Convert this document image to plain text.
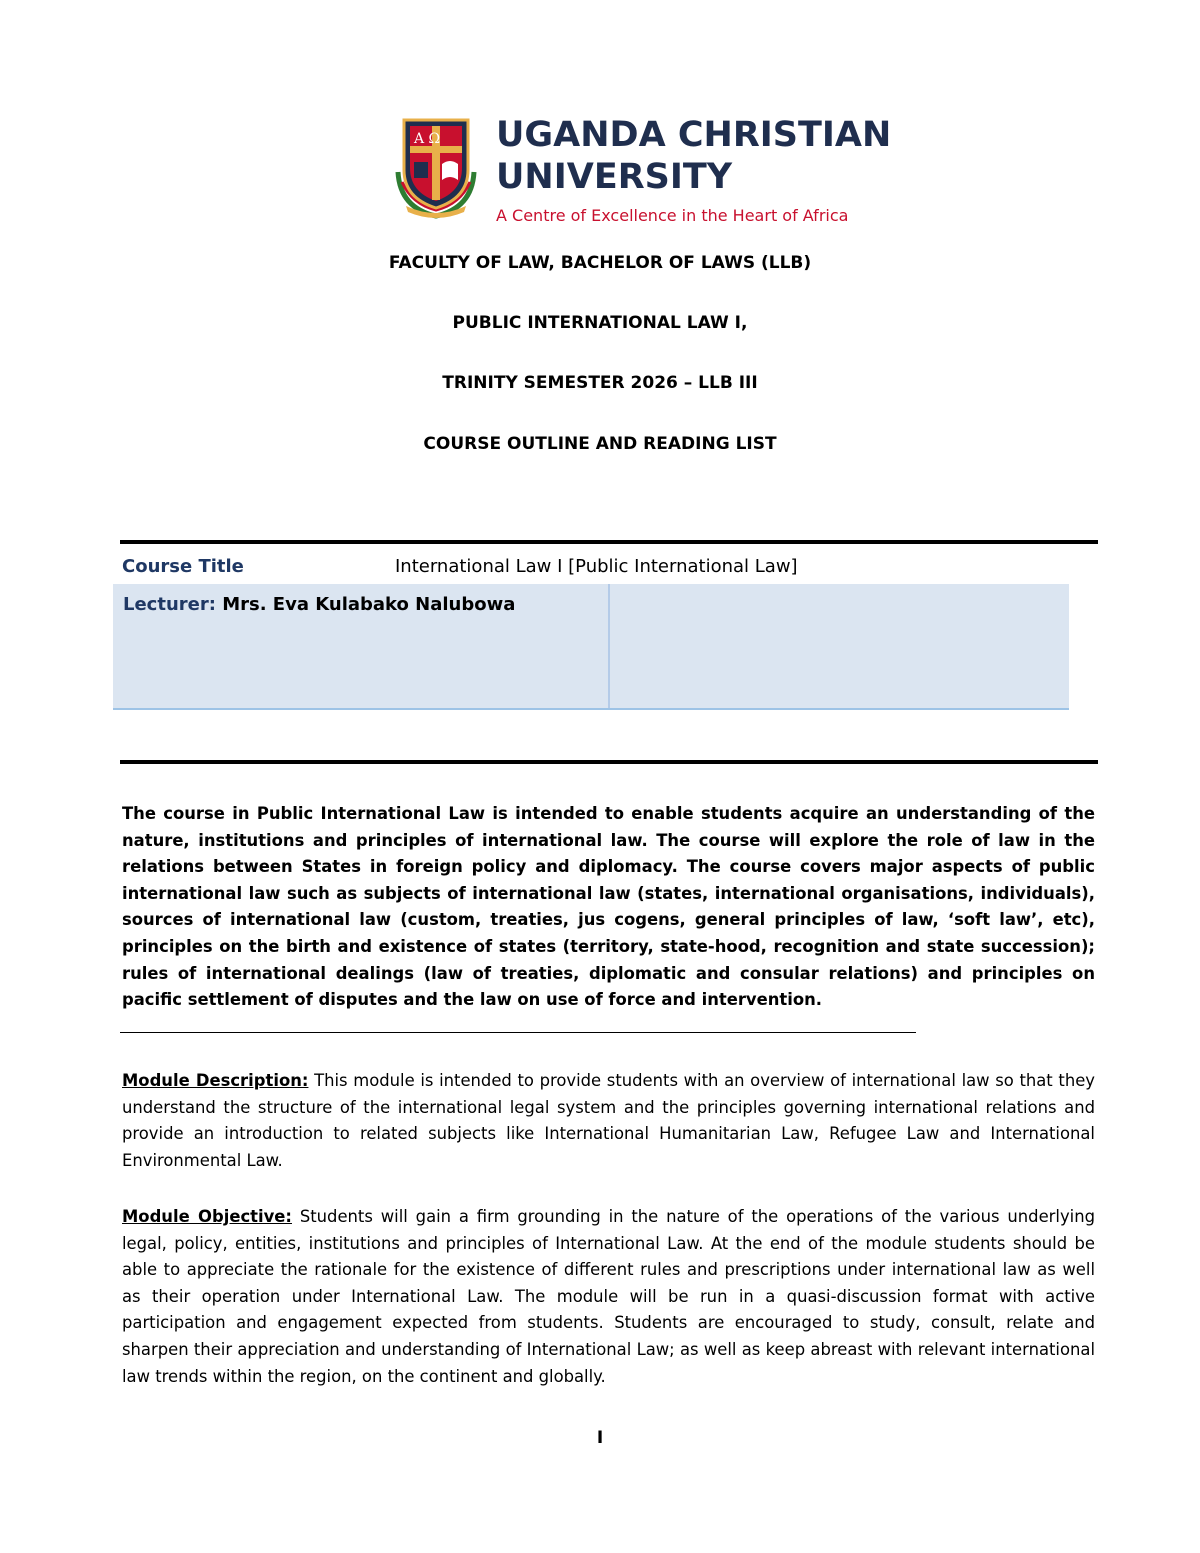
A Ω UGANDA CHRISTIAN
UNIVERSITY
A Centre of Excellence in the Heart of Africa
FACULTY OF LAW, BACHELOR OF LAWS (LLB)
PUBLIC INTERNATIONAL LAW I,
TRINITY SEMESTER 2026 – LLB III
COURSE OUTLINE AND READING LIST
Course Title	International Law I [Public International Law]
Lecturer: Mrs. Eva Kulabako Nalubowa

The course in Public International Law is intended to enable students acquire an understanding of the nature, institutions and principles of international law. The course will explore the role of law in the relations between States in foreign policy and diplomacy. The course covers major aspects of public international law such as subjects of international law (states, international organisations, individuals), sources of international law (custom, treaties, jus cogens, general principles of law, ‘soft law’, etc), principles on the birth and existence of states (territory, state-hood, recognition and state succession); rules of international dealings (law of treaties, diplomatic and consular relations) and principles on pacific settlement of disputes and the law on use of force and intervention.

Module Description: This module is intended to provide students with an overview of international law so that they understand the structure of the international legal system and the principles governing international relations and provide an introduction to related subjects like International Humanitarian Law, Refugee Law and International Environmental Law.

Module Objective: Students will gain a firm grounding in the nature of the operations of the various underlying legal, policy, entities, institutions and principles of International Law. At the end of the module students should be able to appreciate the rationale for the existence of different rules and prescriptions under international law as well as their operation under International Law. The module will be run in a quasi-discussion format with active participation and engagement expected from students. Students are encouraged to study, consult, relate and sharpen their appreciation and understanding of International Law; as well as keep abreast with relevant international law trends within the region, on the continent and globally.

I
